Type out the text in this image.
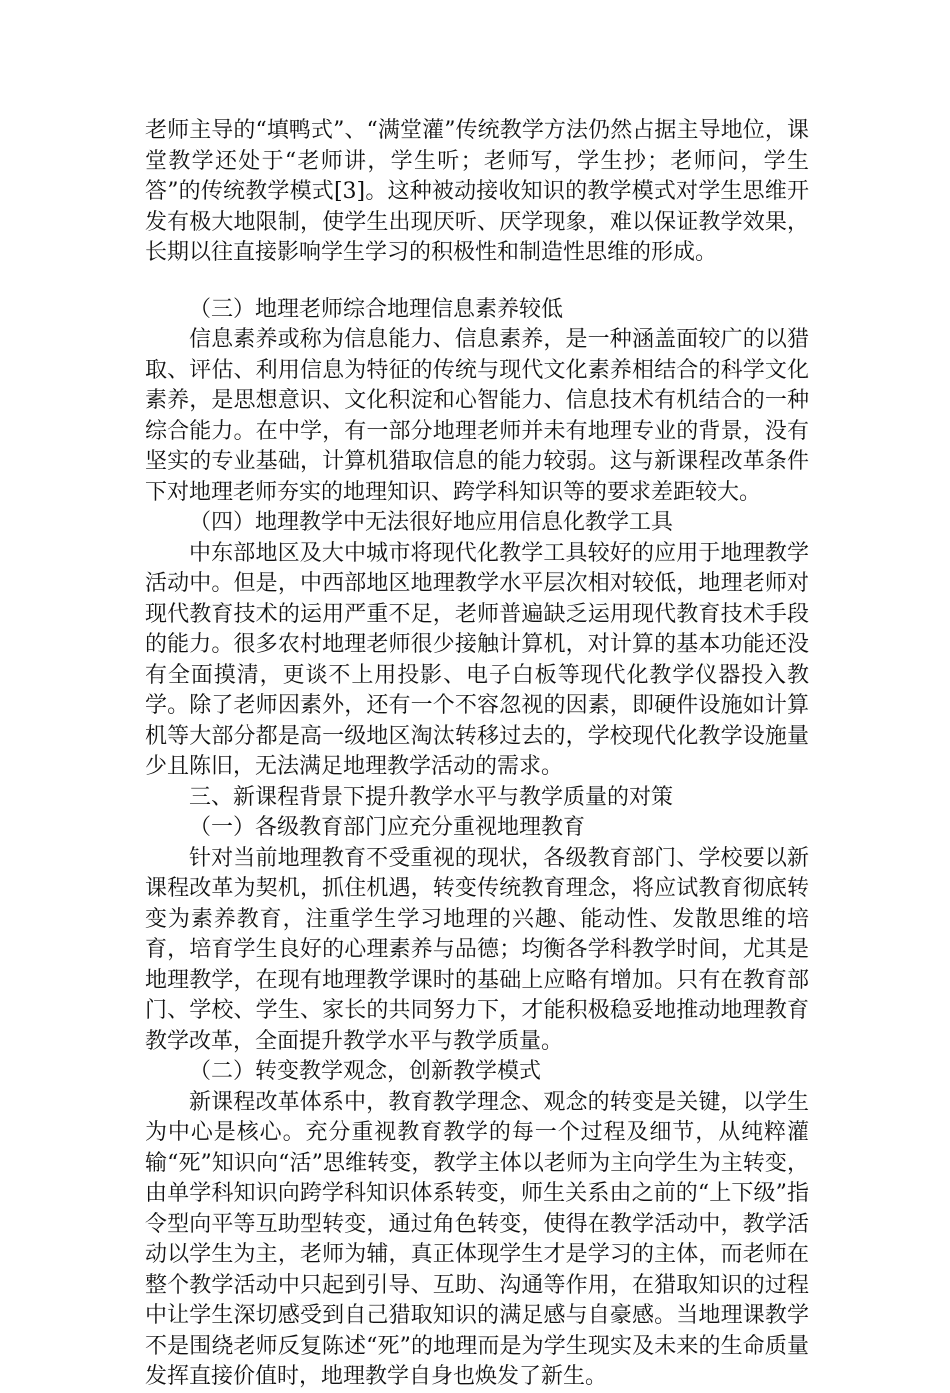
老师主导的“填鸭式”、“满堂灌”传统教学方法仍然占据主导地位，课堂教学还处于“老师讲，学生听；老师写，学生抄；老师问，学生答”的传统教学模式[3]。这种被动接收知识的教学模式对学生思维开发有极大地限制，使学生出现厌听、厌学现象，难以保证教学效果，长期以往直接影响学生学习的积极性和制造性思维的形成。

（三）地理老师综合地理信息素养较低

信息素养或称为信息能力、信息素养，是一种涵盖面较广的以猎取、评估、利用信息为特征的传统与现代文化素养相结合的科学文化素养，是思想意识、文化积淀和心智能力、信息技术有机结合的一种综合能力。在中学，有一部分地理老师并未有地理专业的背景，没有坚实的专业基础，计算机猎取信息的能力较弱。这与新课程改革条件下对地理老师夯实的地理知识、跨学科知识等的要求差距较大。

（四）地理教学中无法很好地应用信息化教学工具

中东部地区及大中城市将现代化教学工具较好的应用于地理教学活动中。但是，中西部地区地理教学水平层次相对较低，地理老师对现代教育技术的运用严重不足，老师普遍缺乏运用现代教育技术手段的能力。很多农村地理老师很少接触计算机，对计算的基本功能还没有全面摸清，更谈不上用投影、电子白板等现代化教学仪器投入教学。除了老师因素外，还有一个不容忽视的因素，即硬件设施如计算机等大部分都是高一级地区淘汰转移过去的，学校现代化教学设施量少且陈旧，无法满足地理教学活动的需求。

三、新课程背景下提升教学水平与教学质量的对策

（一）各级教育部门应充分重视地理教育

针对当前地理教育不受重视的现状，各级教育部门、学校要以新课程改革为契机，抓住机遇，转变传统教育理念，将应试教育彻底转变为素养教育，注重学生学习地理的兴趣、能动性、发散思维的培育，培育学生良好的心理素养与品德；均衡各学科教学时间，尤其是地理教学，在现有地理教学课时的基础上应略有增加。只有在教育部门、学校、学生、家长的共同努力下，才能积极稳妥地推动地理教育教学改革，全面提升教学水平与教学质量。

（二）转变教学观念，创新教学模式

新课程改革体系中，教育教学理念、观念的转变是关键，以学生为中心是核心。充分重视教育教学的每一个过程及细节，从纯粹灌输“死”知识向“活”思维转变，教学主体以老师为主向学生为主转变，由单学科知识向跨学科知识体系转变，师生关系由之前的“上下级”指令型向平等互助型转变，通过角色转变，使得在教学活动中，教学活动以学生为主，老师为辅，真正体现学生才是学习的主体，而老师在整个教学活动中只起到引导、互助、沟通等作用，在猎取知识的过程中让学生深切感受到自己猎取知识的满足感与自豪感。当地理课教学不是围绕老师反复陈述“死”的地理而是为学生现实及未来的生命质量发挥直接价值时，地理教学自身也焕发了新生。
